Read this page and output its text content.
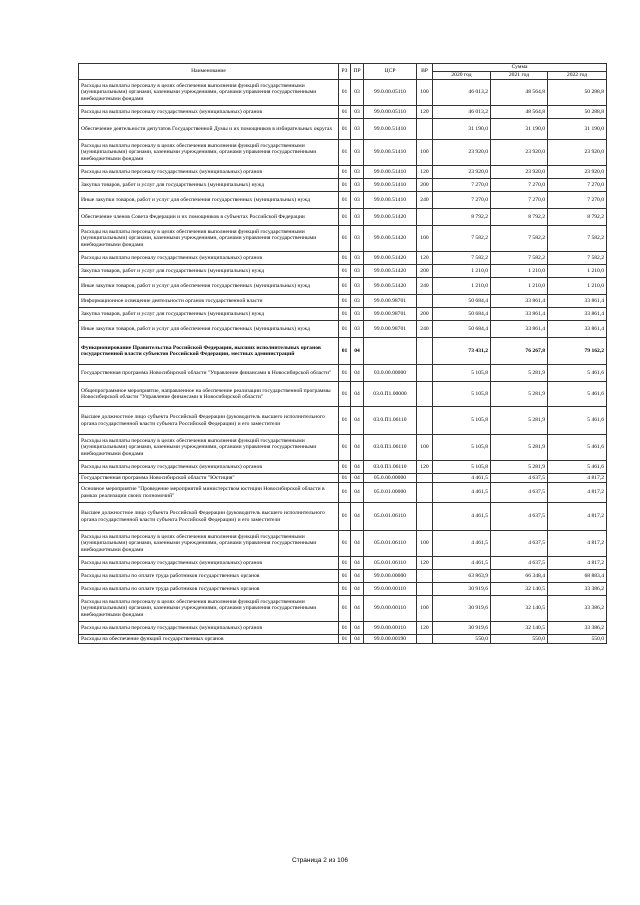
Наименование	РЗ	ПР	ЦСР	ВР	Сумма		
					2020 год	2021 год	2022 год
Расходы на выплаты персоналу в целях обеспечения выполнения функций государственными (муниципальными) органами, казенными учреждениями, органами управления государственными внебюджетными фондами	01	03	99.0.00.05110	100	46 013,2	48 564,8	50 288,8
Расходы на выплаты персоналу государственных (муниципальных) органов	01	03	99.0.00.05110	120	46 013,2	48 564,8	50 288,8
Обеспечение деятельности депутатов Государственной Думы и их помощников в избирательных округах	01	03	99.0.00.51410		31 190,0	31 190,0	31 190,0
Расходы на выплаты персоналу в целях обеспечения выполнения функций государственными (муниципальными) органами, казенными учреждениями, органами управления государственными внебюджетными фондами	01	03	99.0.00.51410	100	23 920,0	23 920,0	23 920,0
Расходы на выплаты персоналу государственных (муниципальных) органов	01	03	99.0.00.51410	120	23 920,0	23 920,0	23 920,0
Закупка товаров, работ и услуг для государственных (муниципальных) нужд	01	03	99.0.00.51410	200	7 270,0	7 270,0	7 270,0
Иные закупки товаров, работ и услуг для обеспечения государственных (муниципальных) нужд	01	03	99.0.00.51410	240	7 270,0	7 270,0	7 270,0
Обеспечение членов Совета Федерации и их помощников в субъектах Российской Федерации	01	03	99.0.00.51420		8 792,2	8 792,2	8 792,2
Расходы на выплаты персоналу в целях обеспечения выполнения функций государственными (муниципальными) органами, казенными учреждениями, органами управления государственными внебюджетными фондами	01	03	99.0.00.51420	100	7 582,2	7 582,2	7 582,2
Расходы на выплаты персоналу государственных (муниципальных) органов	01	03	99.0.00.51420	120	7 582,2	7 582,2	7 582,2
Закупка товаров, работ и услуг для государственных (муниципальных) нужд	01	03	99.0.00.51420	200	1 210,0	1 210,0	1 210,0
Иные закупки товаров, работ и услуг для обеспечения государственных (муниципальных) нужд	01	03	99.0.00.51420	240	1 210,0	1 210,0	1 210,0
Информационное освещение деятельности органов государственной власти	01	03	99.0.00.98701		50 684,4	33 861,4	33 861,4
Закупка товаров, работ и услуг для государственных (муниципальных) нужд	01	03	99.0.00.98701	200	50 684,4	33 861,4	33 861,4
Иные закупки товаров, работ и услуг для обеспечения государственных (муниципальных) нужд	01	03	99.0.00.98701	240	50 684,4	33 861,4	33 861,4
Функционирование Правительства Российской Федерации, высших исполнительных органов государственной власти субъектов Российской Федерации, местных администраций	01	04			73 431,2	76 267,8	79 162,2
Государственная программа Новосибирской области "Управление финансами в Новосибирской области"	01	04	03.0.00.00000		5 105,8	5 281,9	5 461,6
Общепрограммное мероприятие, направленное на обеспечение реализации государственной программы Новосибирской области "Управление финансами в Новосибирской области"	01	04	03.0.П1.00000		5 105,8	5 281,9	5 461,6
Высшее должностное лицо субъекта Российской Федерации (руководитель высшего исполнительного органа государственной власти субъекта Российской Федерации) и его заместители	01	04	03.0.П1.06110		5 105,8	5 281,9	5 461,6
Расходы на выплаты персоналу в целях обеспечения выполнения функций государственными (муниципальными) органами, казенными учреждениями, органами управления государственными внебюджетными фондами	01	04	03.0.П1.06110	100	5 105,8	5 281,9	5 461,6
Расходы на выплаты персоналу государственных (муниципальных) органов	01	04	03.0.П1.06110	120	5 105,8	5 281,9	5 461,6
Государственная программа Новосибирской области "Юстиция"	01	04	05.0.00.00000		4 461,5	4 637,5	4 817,2
Основное мероприятие "Проведение мероприятий министерством юстиции Новосибирской области в рамках реализации своих полномочий"	01	04	05.0.01.00000		4 461,5	4 637,5	4 817,2
Высшее должностное лицо субъекта Российской Федерации (руководитель высшего исполнительного органа государственной власти субъекта Российской Федерации) и его заместители	01	04	05.0.01.06110		4 461,5	4 637,5	4 817,2
Расходы на выплаты персоналу в целях обеспечения выполнения функций государственными (муниципальными) органами, казенными учреждениями, органами управления государственными внебюджетными фондами	01	04	05.0.01.06110	100	4 461,5	4 637,5	4 817,2
Расходы на выплаты персоналу государственных (муниципальных) органов	01	04	05.0.01.06110	120	4 461,5	4 637,5	4 817,2
Расходы на выплаты по оплате труда работников государственных органов	01	04	99.0.00.00000		63 863,9	66 348,4	68 883,4
Расходы на выплаты по оплате труда работников государственных органов	01	04	99.0.00.00110		30 919,6	32 140,5	33 386,2
Расходы на выплаты персоналу в целях обеспечения выполнения функций государственными (муниципальными) органами, казенными учреждениями, органами управления государственными внебюджетными фондами	01	04	99.0.00.00110	100	30 919,6	32 140,5	33 386,2
Расходы на выплаты персоналу государственных (муниципальных) органов	01	04	99.0.00.00110	120	30 919,6	32 140,5	33 386,2
Расходы на обеспечение функций государственных органов	01	04	99.0.00.00190		550,0	550,0	550,0
Страница 2 из 106
